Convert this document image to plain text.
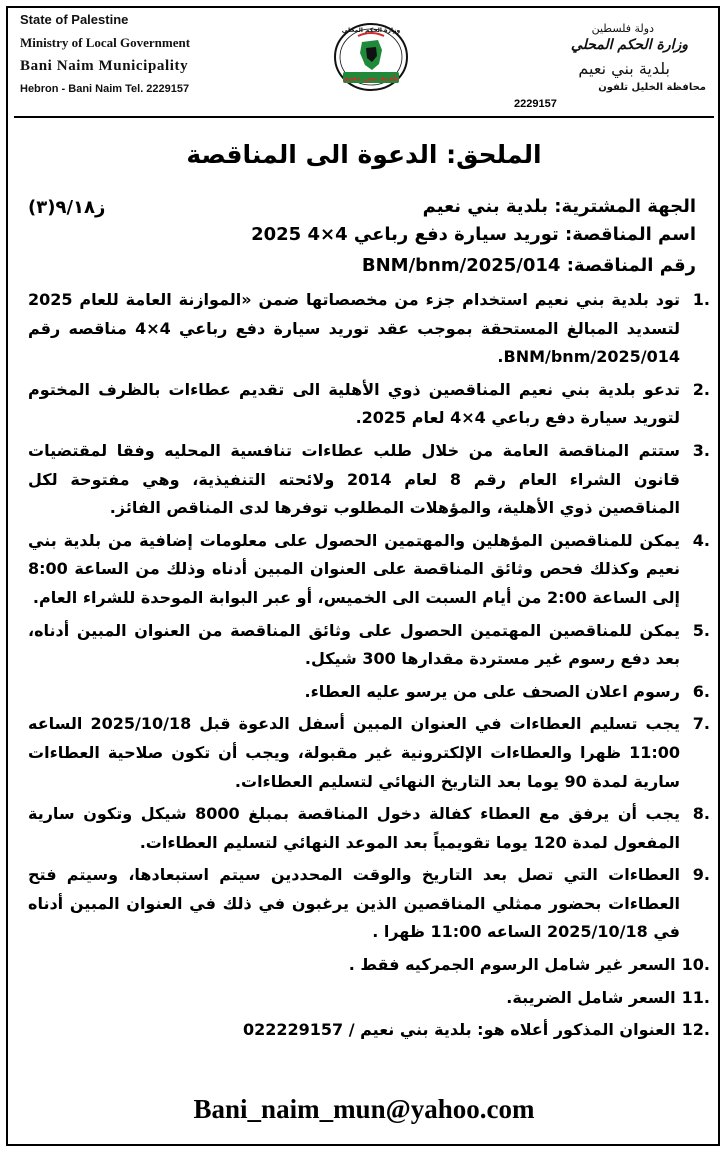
State of Palestine
Ministry of Local Government
Bani Naim Municipality
Hebron - Bani Naim Tel. 2229157
وزارة الحكم المحلي
بلدية بني نعيم
دولة فلسطين
وزارة الحكم المحلي
بلدية بني نعيم
محافظة الخليل تلفون
2229157
الملحق: الدعوة الى المناقصة
ز٩/١٨(٣)	الجهة المشترية: بلدية بني نعيم
اسم المناقصة: توريد سيارة دفع رباعي 4×4 2025
رقم المناقصة: 014/BNM/bnm/2025
1.
تود بلدية بني نعيم استخدام جزء من مخصصاتها ضمن «الموازنة العامة للعام 2025 لتسديد المبالغ المستحقة بموجب عقد توريد سيارة دفع رباعي 4×4 مناقصه رقم 014/BNM/bnm/2025.
2.
تدعو بلدية بني نعيم المناقصين ذوي الأهلية الى تقديم عطاءات بالظرف المختوم لتوريد سيارة دفع رباعي 4×4 لعام 2025.
3.
ستتم المناقصة العامة من خلال طلب عطاءات تنافسية المحليه وفقا لمقتضيات قانون الشراء العام رقم 8 لعام 2014 ولائحته التنفيذية، وهي مفتوحة لكل المناقصين ذوي الأهلية، والمؤهلات المطلوب توفرها لدى المناقص الفائز.
4.
يمكن للمناقصين المؤهلين والمهتمين الحصول على معلومات إضافية من بلدية بني نعيم وكذلك فحص وثائق المناقصة على العنوان المبين أدناه وذلك من الساعة 8:00 إلى الساعة 2:00 من أيام السبت الى الخميس، أو عبر البوابة الموحدة للشراء العام.
5.
يمكن للمناقصين المهتمين الحصول على وثائق المناقصة من العنوان المبين أدناه، بعد دفع رسوم غير مستردة مقدارها 300 شيكل.
6.
رسوم اعلان الصحف على من يرسو عليه العطاء.
7.
يجب تسليم العطاءات في العنوان المبين أسفل الدعوة قبل 2025/10/18 الساعه 11:00 ظهرا والعطاءات الإلكترونية غير مقبولة، ويجب أن تكون صلاحية العطاءات سارية لمدة 90 يوما بعد التاريخ النهائي لتسليم العطاءات.
8.
يجب أن يرفق مع العطاء كفالة دخول المناقصة بمبلغ 8000 شيكل وتكون سارية المفعول لمدة 120 يوما تقويمياً بعد الموعد النهائي لتسليم العطاءات.
9.
العطاءات التي تصل بعد التاريخ والوقت المحددين سيتم استبعادها، وسيتم فتح العطاءات بحضور ممثلي المناقصين الذين يرغبون في ذلك في العنوان المبين أدناه في 2025/10/18 الساعه 11:00 ظهرا .
10.
السعر غير شامل الرسوم الجمركيه فقط .
11.
السعر شامل الضريبة.
12.
العنوان المذكور أعلاه هو: بلدية بني نعيم / 022229157
Bani_naim_mun@yahoo.com
